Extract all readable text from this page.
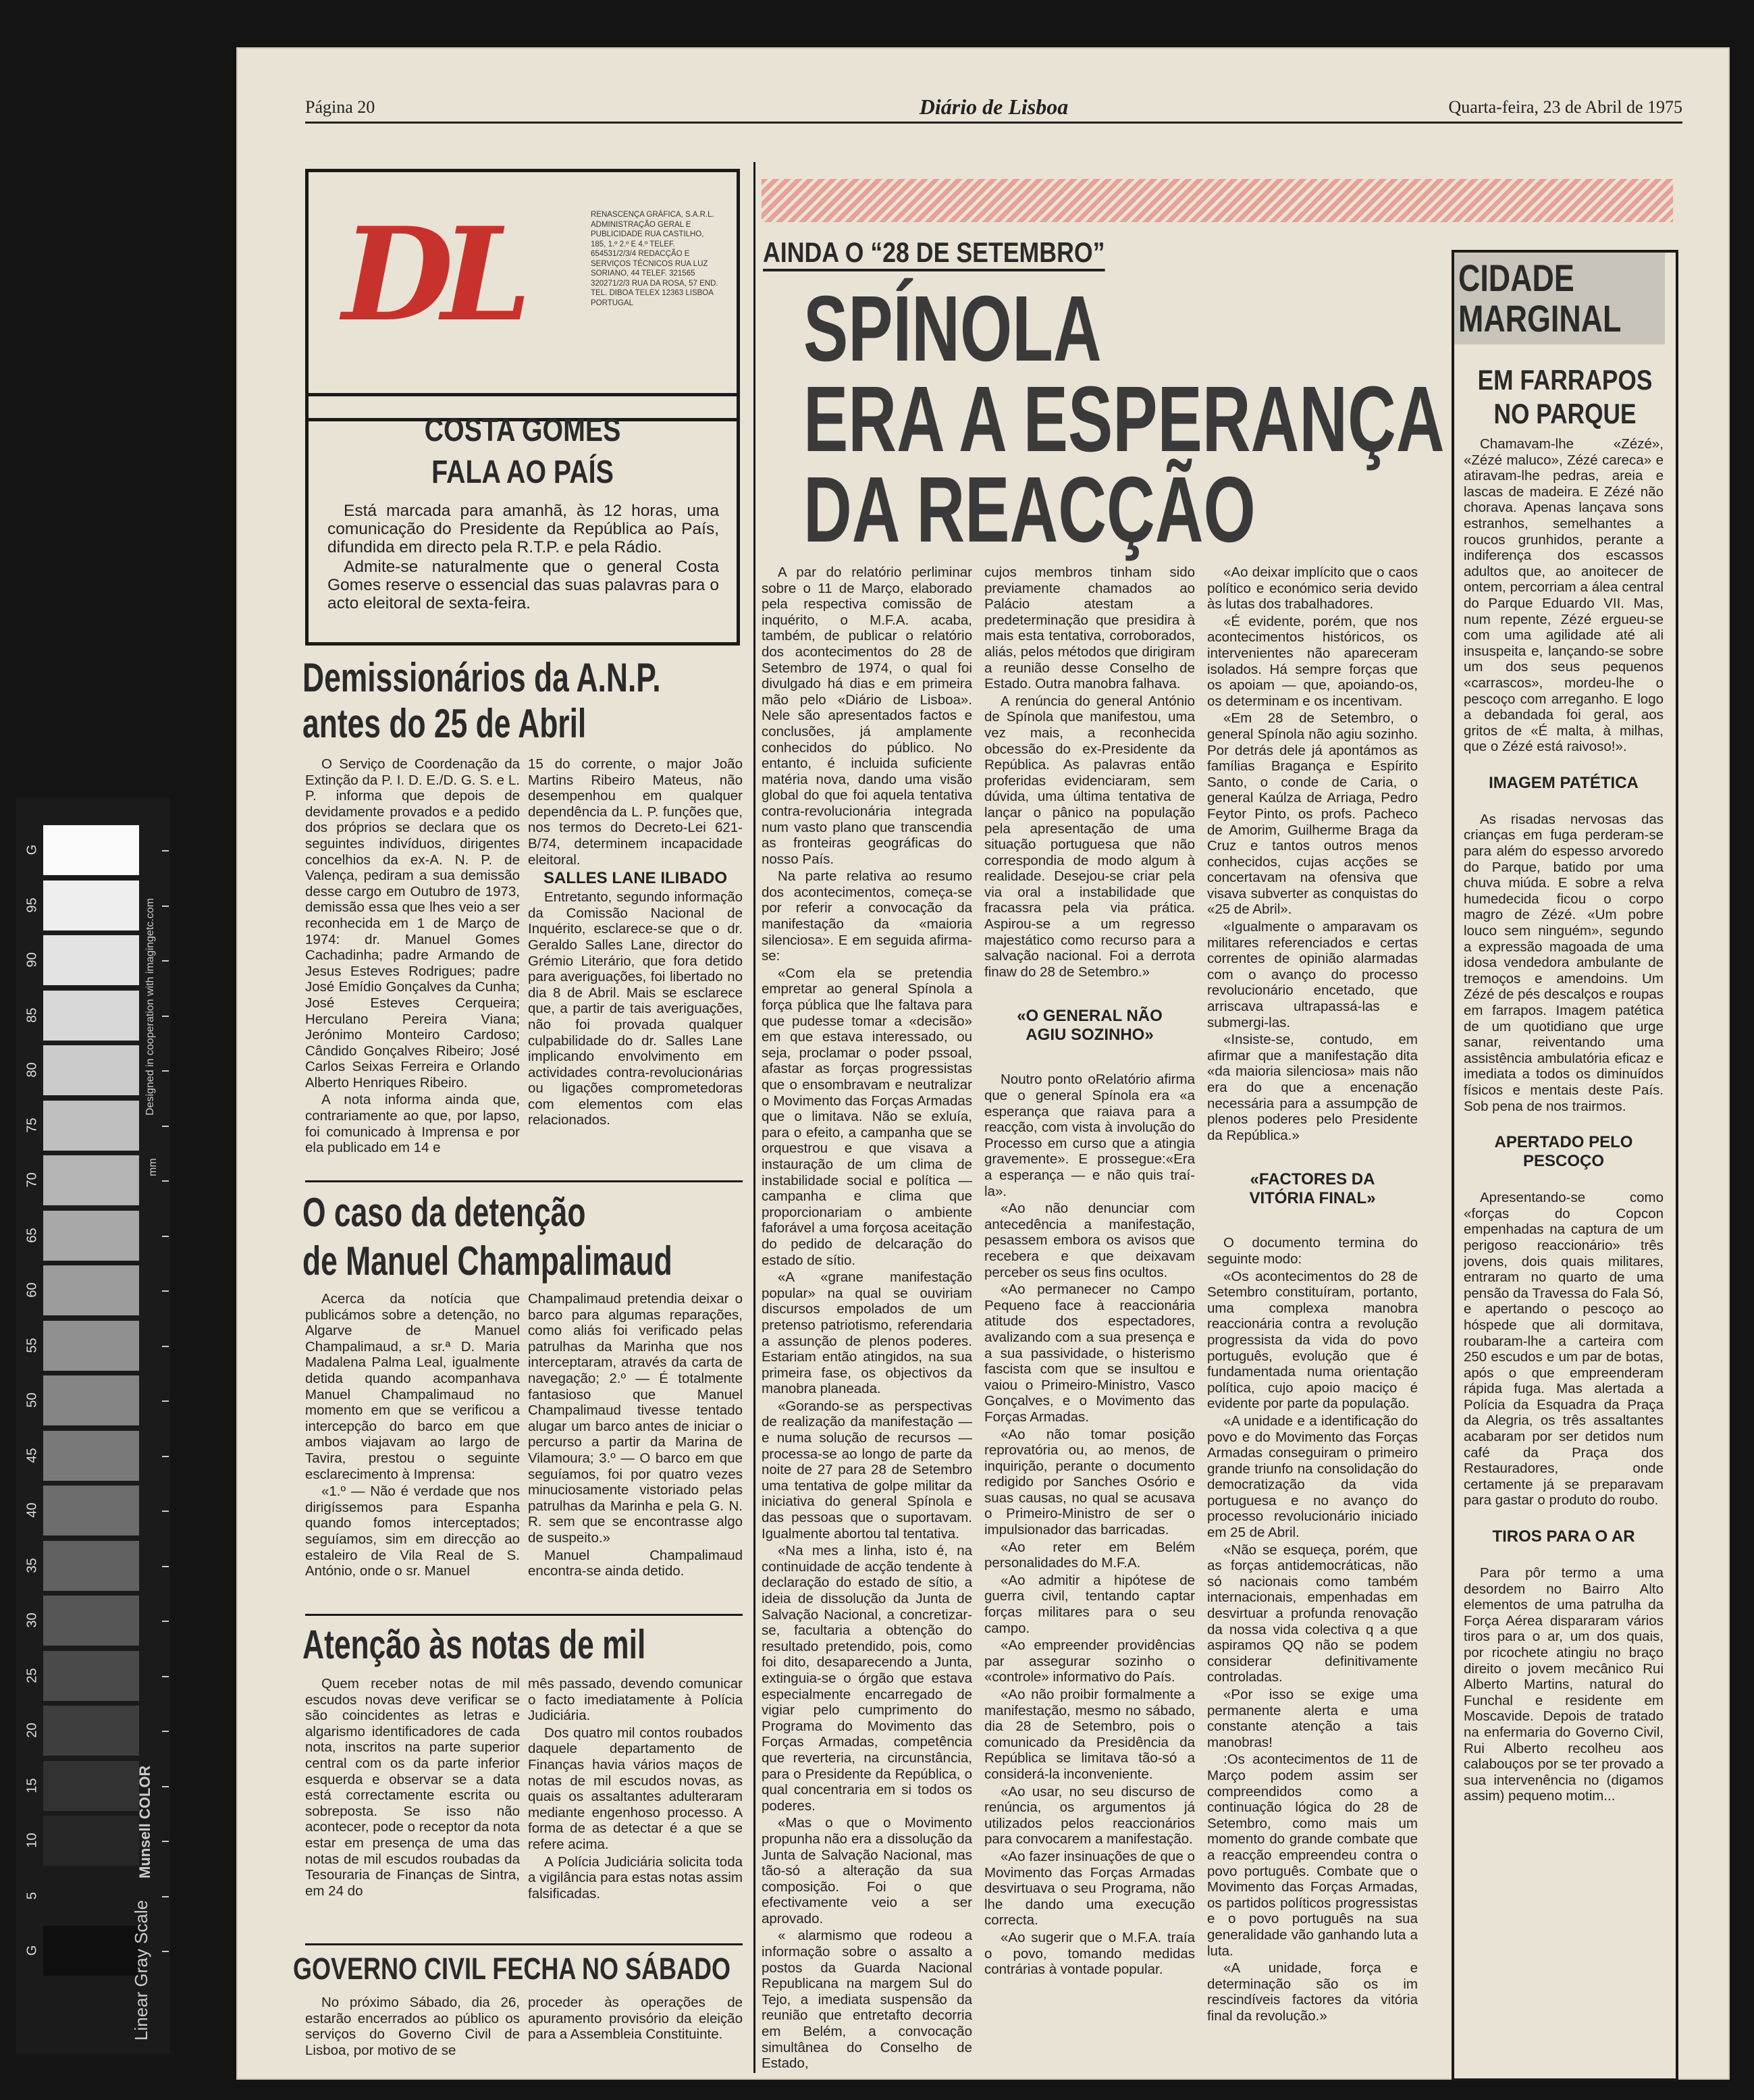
Página 20	Diário de Lisboa	Quarta-feira, 23 de Abril de 1975
DL	RENASCENÇA GRÁFICA, S.A.R.L. ADMINISTRAÇÃO GERAL E PUBLICIDADE RUA CASTILHO, 185, 1.º 2.º E 4.º TELEF. 654531/2/3/4 REDACÇÃO E SERVIÇOS TÉCNICOS RUA LUZ SORIANO, 44 TELEF. 321565 320271/2/3 RUA DA ROSA, 57 END. TEL. DIBOA TELEX 12363 LISBOA PORTUGAL
COSTA GOMES
FALA AO PAÍS

Está marcada para amanhã, às 12 horas, uma comunicação do Presidente da República ao País, difundida em directo pela R.T.P. e pela Rádio.

Admite-se naturalmente que o general Costa Gomes reserve o essencial das suas palavras para o acto eleitoral de sexta-feira.

Demissionários da A.N.P.
antes do 25 de Abril

O Serviço de Coordenação da Extinção da P. I. D. E./D. G. S. e L. P. informa que depois de devidamente provados e a pedido dos próprios se declara que os seguintes indivíduos, dirigentes concelhios da ex-A. N. P. de Valença, pediram a sua demissão desse cargo em Outubro de 1973, demissão essa que lhes veio a ser reconhecida em 1 de Março de 1974: dr. Manuel Gomes Cachadinha; padre Armando de Jesus Esteves Rodrigues; padre José Emídio Gonçalves da Cunha; José Esteves Cerqueira; Herculano Pereira Viana; Jerónimo Monteiro Cardoso; Cândido Gonçalves Ribeiro; José Carlos Seixas Ferreira e Orlando Alberto Henriques Ribeiro.

A nota informa ainda que, contrariamente ao que, por lapso, foi comunicado à Imprensa e por ela publicado em 14 e

15 do corrente, o major João Martins Ribeiro Mateus, não desempenhou em qualquer dependência da L. P. funções que, nos termos do Decreto-Lei 621-B/74, determinem incapacidade eleitoral.

SALLES LANE ILIBADO

Entretanto, segundo informação da Comissão Nacional de Inquérito, esclarece-se que o dr. Geraldo Salles Lane, director do Grémio Literário, que fora detido para averiguações, foi libertado no dia 8 de Abril. Mais se esclarece que, a partir de tais averiguações, não foi provada qualquer culpabilidade do dr. Salles Lane implicando envolvimento em actividades contra-revolucionárias ou ligações comprometedoras com elementos com elas relacionados.

O caso da detenção
de Manuel Champalimaud

Acerca da notícia que publicámos sobre a detenção, no Algarve de Manuel Champalimaud, a sr.ª D. Maria Madalena Palma Leal, igualmente detida quando acompanhava Manuel Champalimaud no momento em que se verificou a intercepção do barco em que ambos viajavam ao largo de Tavira, prestou o seguinte esclarecimento à Imprensa:

«1.º — Não é verdade que nos dirigíssemos para Espanha quando fomos interceptados; seguíamos, sim em direcção ao estaleiro de Vila Real de S. António, onde o sr. Manuel

Champalimaud pretendia deixar o barco para algumas reparações, como aliás foi verificado pelas patrulhas da Marinha que nos interceptaram, através da carta de navegação; 2.º — É totalmente fantasioso que Manuel Champalimaud tivesse tentado alugar um barco antes de iniciar o percurso a partir da Marina de Vilamoura; 3.º — O barco em que seguíamos, foi por quatro vezes minuciosamente vistoriado pelas patrulhas da Marinha e pela G. N. R. sem que se encontrasse algo de suspeito.»

Manuel Champalimaud encontra-se ainda detido.

Atenção às notas de mil

Quem receber notas de mil escudos novas deve verificar se são coincidentes as letras e algarismo identificadores de cada nota, inscritos na parte superior central com os da parte inferior esquerda e observar se a data está correctamente escrita ou sobreposta. Se isso não acontecer, pode o receptor da nota estar em presença de uma das notas de mil escudos roubadas da Tesouraria de Finanças de Sintra, em 24 do

mês passado, devendo comunicar o facto imediatamente à Polícia Judiciária.

Dos quatro mil contos roubados daquele departamento de Finanças havia vários maços de notas de mil escudos novas, as quais os assaltantes adulteraram mediante engenhoso processo. A forma de as detectar é a que se refere acima.

A Polícia Judiciária solicita toda a vigilância para estas notas assim falsificadas.

GOVERNO CIVIL FECHA NO SÁBADO

No próximo Sábado, dia 26, estarão encerrados ao público os serviços do Governo Civil de Lisboa, por motivo de se

proceder às operações de apuramento provisório da eleição para a Assembleia Constituinte.

AINDA O “28 DE SETEMBRO”
SPÍNOLA
ERA A ESPERANÇA
DA REACÇÃO

A par do relatório perliminar sobre o 11 de Março, elaborado pela respectiva comissão de inquérito, o M.F.A. acaba, também, de publicar o relatório dos acontecimentos do 28 de Setembro de 1974, o qual foi divulgado há dias e em primeira mão pelo «Diário de Lisboa». Nele são apresentados factos e conclusões, já amplamente conhecidos do público. No entanto, é incluida suficiente matéria nova, dando uma visão global do que foi aquela tentativa contra-revolucionária integrada num vasto plano que transcendia as fronteiras geográficas do nosso País.

Na parte relativa ao resumo dos acontecimentos, começa-se por referir a convocação da manifestação da «maioria silenciosa». E em seguida afirma-se:

«Com ela se pretendia empretar ao general Spínola a força pública que lhe faltava para que pudesse tomar a «decisão» em que estava interessado, ou seja, proclamar o poder pssoal, afastar as forças progressistas que o ensombravam e neutralizar o Movimento das Forças Armadas que o limitava. Não se exluía, para o efeito, a campanha que se orquestrou e que visava a instauração de um clima de instabilidade social e política — campanha e clima que proporcionariam o ambiente faforável a uma forçosa aceitação do pedido de delcaração do estado de sítio.

«A «grane manifestação popular» na qual se ouviriam discursos empolados de um pretenso patriotismo, referendaria a assunção de plenos poderes. Estariam então atingidos, na sua primeira fase, os objectivos da manobra planeada.

«Gorando-se as perspectivas de realização da manifestação — e numa solução de recursos — processa-se ao longo de parte da noite de 27 para 28 de Setembro uma tentativa de golpe militar da iniciativa do general Spínola e das pessoas que o suportavam. Igualmente abortou tal tentativa.

«Na mes a linha, isto é, na continuidade de acção tendente à declaração do estado de sítio, a ideia de dissolução da Junta de Salvação Nacional, a concretizar-se, facultaria a obtenção do resultado pretendido, pois, como foi dito, desaparecendo a Junta, extinguia-se o órgão que estava especialmente encarregado de vigiar pelo cumprimento do Programa do Movimento das Forças Armadas, competência que reverteria, na circunstância, para o Presidente da República, o qual concentraria em si todos os poderes.

«Mas o que o Movimento propunha não era a dissolução da Junta de Salvação Nacional, mas tão-só a alteração da sua composição. Foi o que efectivamente veio a ser aprovado.

« alarmismo que rodeou a informação sobre o assalto a postos da Guarda Nacional Republicana na margem Sul do Tejo, a imediata suspensão da reunião que entretafto decorria em Belém, a convocação simultânea do Conselho de Estado,

cujos membros tinham sido previamente chamados ao Palácio atestam a predeterminação que presidira à mais esta tentativa, corroborados, aliás, pelos métodos que dirigiram a reunião desse Conselho de Estado. Outra manobra falhava.

A renúncia do general António de Spínola que manifestou, uma vez mais, a reconhecida obcessão do ex-Presidente da República. As palavras então proferidas evidenciaram, sem dúvida, uma última tentativa de lançar o pânico na população pela apresentação de uma situação portuguesa que não correspondia de modo algum à realidade. Desejou-se criar pela via oral a instabilidade que fracassra pela via prática. Aspirou-se a um regresso majestático como recurso para a salvação nacional. Foi a derrota finaw do 28 de Setembro.»

«O GENERAL NÃO AGIU SOZINHO»

Noutro ponto oRelatório afirma que o general Spínola era «a esperança que raiava para a reacção, com vista à involução do Processo em curso que a atingia gravemente». E prossegue:«Era a esperança — e não quis traí-la».

«Ao não denunciar com antecedência a manifestação, pesassem embora os avisos que recebera e que deixavam perceber os seus fins ocultos.

«Ao permanecer no Campo Pequeno face à reaccionária atitude dos espectadores, avalizando com a sua presença e a sua passividade, o histerismo fascista com que se insultou e vaiou o Primeiro-Ministro, Vasco Gonçalves, e o Movimento das Forças Armadas.

«Ao não tomar posição reprovatória ou, ao menos, de inquirição, perante o documento redigido por Sanches Osório e suas causas, no qual se acusava o Primeiro-Ministro de ser o impulsionador das barricadas.

«Ao reter em Belém personalidades do M.F.A.

«Ao admitir a hipótese de guerra civil, tentando captar forças militares para o seu campo.

«Ao empreender providências par assegurar sozinho o «controle» informativo do País.

«Ao não proibir formalmente a manifestação, mesmo no sábado, dia 28 de Setembro, pois o comunicado da Presidência da República se limitava tão-só a considerá-la inconveniente.

«Ao usar, no seu discurso de renúncia, os argumentos já utilizados pelos reaccionários para convocarem a manifestação.

«Ao fazer insinuações de que o Movimento das Forças Armadas desvirtuava o seu Programa, não lhe dando uma execução correcta.

«Ao sugerir que o M.F.A. traía o povo, tomando medidas contrárias à vontade popular.

«Ao deixar implícito que o caos político e económico seria devido às lutas dos trabalhadores.

«É evidente, porém, que nos acontecimentos históricos, os intervenientes não apareceram isolados. Há sempre forças que os apoiam — que, apoiando-os, os determinam e os incentivam.

«Em 28 de Setembro, o general Spínola não agiu sozinho. Por detrás dele já apontámos as famílias Bragança e Espírito Santo, o conde de Caria, o general Kaúlza de Arriaga, Pedro Feytor Pinto, os profs. Pacheco de Amorim, Guilherme Braga da Cruz e tantos outros menos conhecidos, cujas acções se concertavam na ofensiva que visava subverter as conquistas do «25 de Abril».

«Igualmente o amparavam os militares referenciados e certas correntes de opinião alarmadas com o avanço do processo revolucionário encetado, que arriscava ultrapassá-las e submergi-las.

«Insiste-se, contudo, em afirmar que a manifestação dita «da maioria silenciosa» mais não era do que a encenação necessária para a assumpção de plenos poderes pelo Presidente da República.»

«FACTORES DA VITÓRIA FINAL»

O documento termina do seguinte modo:

«Os acontecimentos do 28 de Setembro constituíram, portanto, uma complexa manobra reaccionária contra a revolução progressista da vida do povo português, evolução que é fundamentada numa orientação política, cujo apoio maciço é evidente por parte da população.

«A unidade e a identificação do povo e do Movimento das Forças Armadas conseguiram o primeiro grande triunfo na consolidação do democratização da vida portuguesa e no avanço do processo revolucionário iniciado em 25 de Abril.

«Não se esqueça, porém, que as forças antidemocráticas, não só nacionais como também internacionais, empenhadas em desvirtuar a profunda renovação da nossa vida colectiva q a que aspiramos QQ não se podem considerar definitivamente controladas.

«Por isso se exige uma permanente alerta e uma constante atenção a tais manobras!

:Os acontecimentos de 11 de Março podem assim ser compreendidos como a continuação lógica do 28 de Setembro, como mais um momento do grande combate que a reacção empreendeu contra o povo português. Combate que o Movimento das Forças Armadas, os partidos políticos progressistas e o povo português na sua generalidade vão ganhando luta a luta.

«A unidade, força e determinação são os im rescindíveis factores da vitória final da revolução.»

CIDADE
MARGINAL
EM FARRAPOS
NO PARQUE

Chamavam-lhe «Zézé», «Zézé maluco», Zézé careca» e atiravam-lhe pedras, areia e lascas de madeira. E Zézé não chorava. Apenas lançava sons estranhos, semelhantes a roucos grunhidos, perante a indiferença dos escassos adultos que, ao anoitecer de ontem, percorriam a álea central do Parque Eduardo VII. Mas, num repente, Zézé ergueu-se com uma agilidade até ali insuspeita e, lançando-se sobre um dos seus pequenos «carrascos», mordeu-lhe o pescoço com arreganho. E logo a debandada foi geral, aos gritos de «É malta, à milhas, que o Zézé está raivoso!».

IMAGEM PATÉTICA

As risadas nervosas das crianças em fuga perderam-se para além do espesso arvoredo do Parque, batido por uma chuva miúda. E sobre a relva humedecida ficou o corpo magro de Zézé. «Um pobre louco sem ninguém», segundo a expressão magoada de uma idosa vendedora ambulante de tremoços e amendoins. Um Zézé de pés descalços e roupas em farrapos. Imagem patética de um quotidiano que urge sanar, reiventando uma assistência ambulatória eficaz e imediata a todos os diminuídos físicos e mentais deste País. Sob pena de nos trairmos.

APERTADO PELO PESCOÇO

Apresentando-se como «forças do Copcon empenhadas na captura de um perigoso reaccionário» três jovens, dois quais militares, entraram no quarto de uma pensão da Travessa do Fala Só, e apertando o pescoço ao hóspede que ali dormitava, roubaram-lhe a carteira com 250 escudos e um par de botas, após o que empreenderam rápida fuga. Mas alertada a Polícia da Esquadra da Praça da Alegria, os três assaltantes acabaram por ser detidos num café da Praça dos Restauradores, onde certamente já se preparavam para gastar o produto do roubo.

TIROS PARA O AR

Para pôr termo a uma desordem no Bairro Alto elementos de uma patrulha da Força Aérea dispararam vários tiros para o ar, um dos quais, por ricochete atingiu no braço direito o jovem mecânico Rui Alberto Martins, natural do Funchal e residente em Moscavide. Depois de tratado na enfermaria do Governo Civil, Rui Alberto recolheu aos calabouços por se ter provado a sua intervenência no (digamos assim) pequeno motim...

G
95
90
85
80
75
70
65
60
55
50
45
40
35
30
25
20
15
10
5
G	Linear Gray Scale
Munsell COLOR
Designed in cooperation with imagingetc.com
mm
